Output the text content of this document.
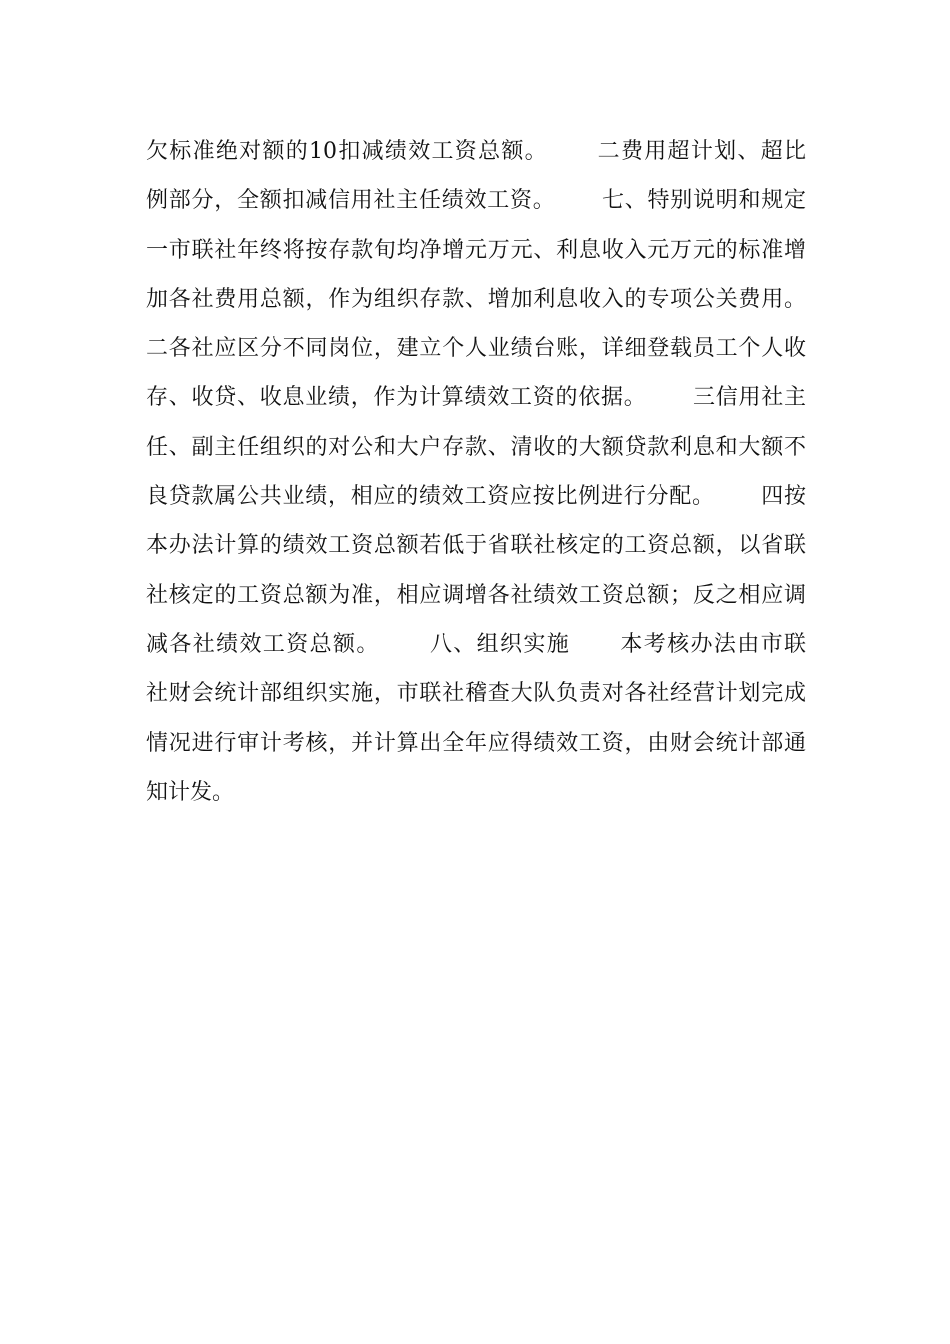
欠标准绝对额的10扣减绩效工资总额。      二费用超计划、超比
例部分，全额扣减信用社主任绩效工资。      七、特别说明和规定
一市联社年终将按存款旬均净增元万元、利息收入元万元的标准增
加各社费用总额，作为组织存款、增加利息收入的专项公关费用。
二各社应区分不同岗位，建立个人业绩台账，详细登载员工个人收
存、收贷、收息业绩，作为计算绩效工资的依据。      三信用社主
任、副主任组织的对公和大户存款、清收的大额贷款利息和大额不
良贷款属公共业绩，相应的绩效工资应按比例进行分配。      四按
本办法计算的绩效工资总额若低于省联社核定的工资总额，以省联
社核定的工资总额为准，相应调增各社绩效工资总额；反之相应调
减各社绩效工资总额。      八、组织实施      本考核办法由市联
社财会统计部组织实施，市联社稽查大队负责对各社经营计划完成
情况进行审计考核，并计算出全年应得绩效工资，由财会统计部通
知计发。
